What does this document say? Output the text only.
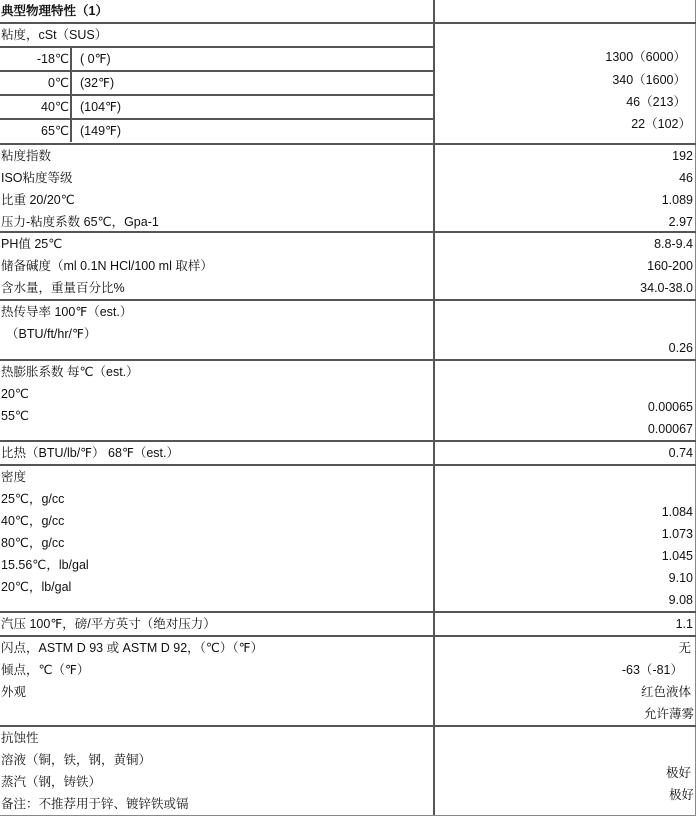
典型物理特性（1）
粘度，cSt（SUS）
-18℃ ( 0℉)
0℃ (32℉)
40℃ (104℉)
65℃ (149℉)
1300（6000）
340（1600）
46（213）
22（102）
粘度指数
ISO粘度等级
比重 20/20℃
压力-粘度系数 65℃，Gpa-1
192
46
1.089
2.97
PH值 25℃
储备碱度（ml 0.1N HCl/100 ml 取样）
含水量，重量百分比%
8.8-9.4
160-200
34.0-38.0
热传导率 100℉（est.）
（BTU/ft/hr/℉）
0.26
热膨胀系数 每℃（est.）
20℃
55℃
0.00065
0.00067
比热（BTU/lb/℉） 68℉（est.）	0.74
密度
25℃，g/cc
40℃，g/cc
80℃，g/cc
15.56℃，lb/gal
20℃，lb/gal
1.084
1.073
1.045
9.10
9.08
汽压 100℉，磅/平方英寸（绝对压力）	1.1
闪点，ASTM D 93 或 ASTM D 92，（℃）（℉）
倾点，℃（℉）
外观
无
-63（-81）
红色液体
允许薄雾
抗蚀性
溶液（铜，铁，钢，黄铜）
蒸汽（钢，铸铁）
备注：不推荐用于锌、镀锌铁或镉
极好
极好
